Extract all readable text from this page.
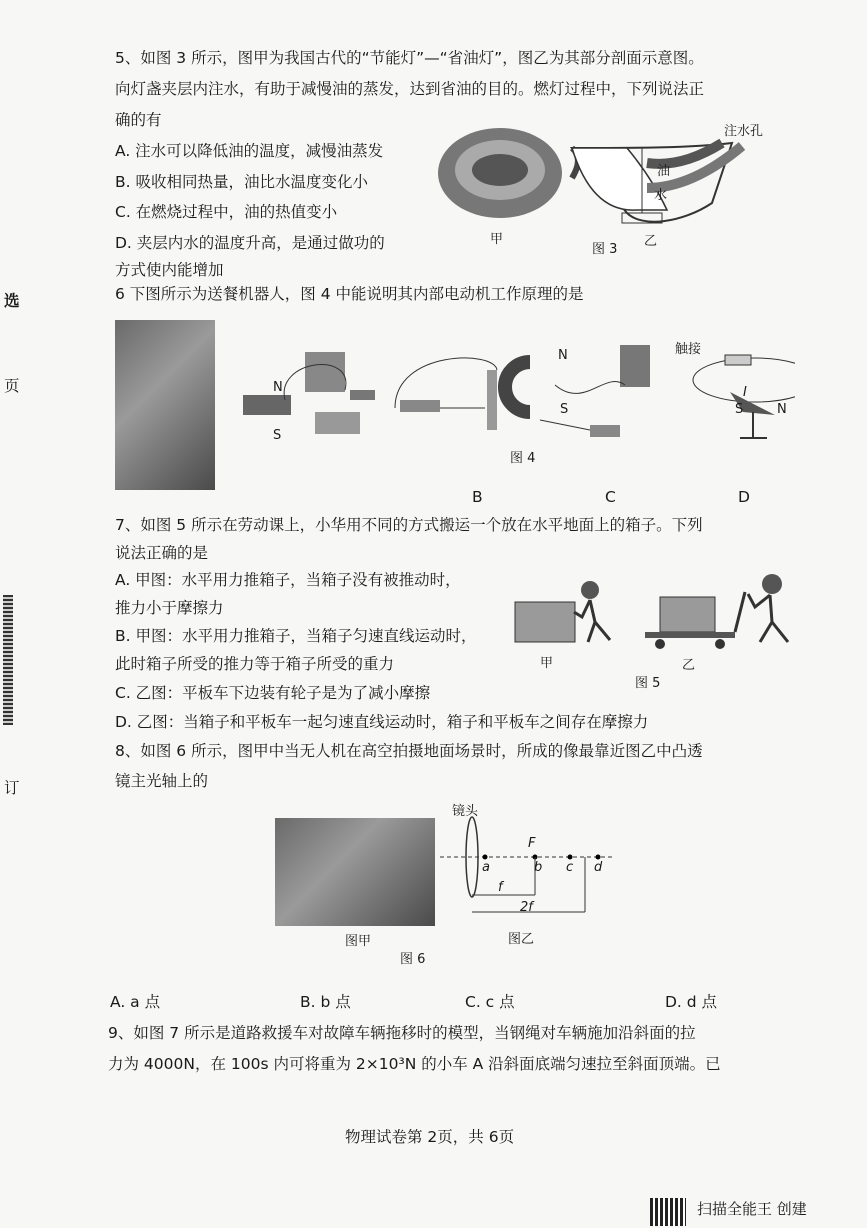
选
页
订
5、如图 3 所示，图甲为我国古代的“节能灯”—“省油灯”，图乙为其部分剖面示意图。
向灯盏夹层内注水，有助于减慢油的蒸发，达到省油的目的。燃灯过程中，下列说法正
确的有
A. 注水可以降低油的温度，减慢油蒸发
B. 吸收相同热量，油比水温度变化小
C. 在燃烧过程中，油的热值变小
D. 夹层内水的温度升高，是通过做功的
方式使内能增加
油
水
注水孔
甲	乙
图 3
6 下图所示为送餐机器人，图 4 中能说明其内部电动机工作原理的是
N
S
N
S
触接
I
S	N
图 4
B	C	D
7、如图 5 所示在劳动课上，小华用不同的方式搬运一个放在水平地面上的箱子。下列
说法正确的是
A. 甲图：水平用力推箱子，当箱子没有被推动时，
推力小于摩擦力
B. 甲图：水平用力推箱子，当箱子匀速直线运动时，
此时箱子所受的推力等于箱子所受的重力
C. 乙图：平板车下边装有轮子是为了减小摩擦
D. 乙图：当箱子和平板车一起匀速直线运动时，箱子和平板车之间存在摩擦力
甲	乙
图 5
8、如图 6 所示，图甲中当无人机在高空拍摄地面场景时，所成的像最靠近图乙中凸透
镜主光轴上的
镜头
F
a	b c d
f
2f
图乙
图甲
图 6
A. a 点	B. b 点	C. c 点	D. d 点
9、如图 7 所示是道路救援车对故障车辆拖移时的模型，当钢绳对车辆施加沿斜面的拉
力为 4000N，在 100s 内可将重为 2×10³N 的小车 A 沿斜面底端匀速拉至斜面顶端。已
物理试卷第 2页，共 6页
扫描全能王 创建
